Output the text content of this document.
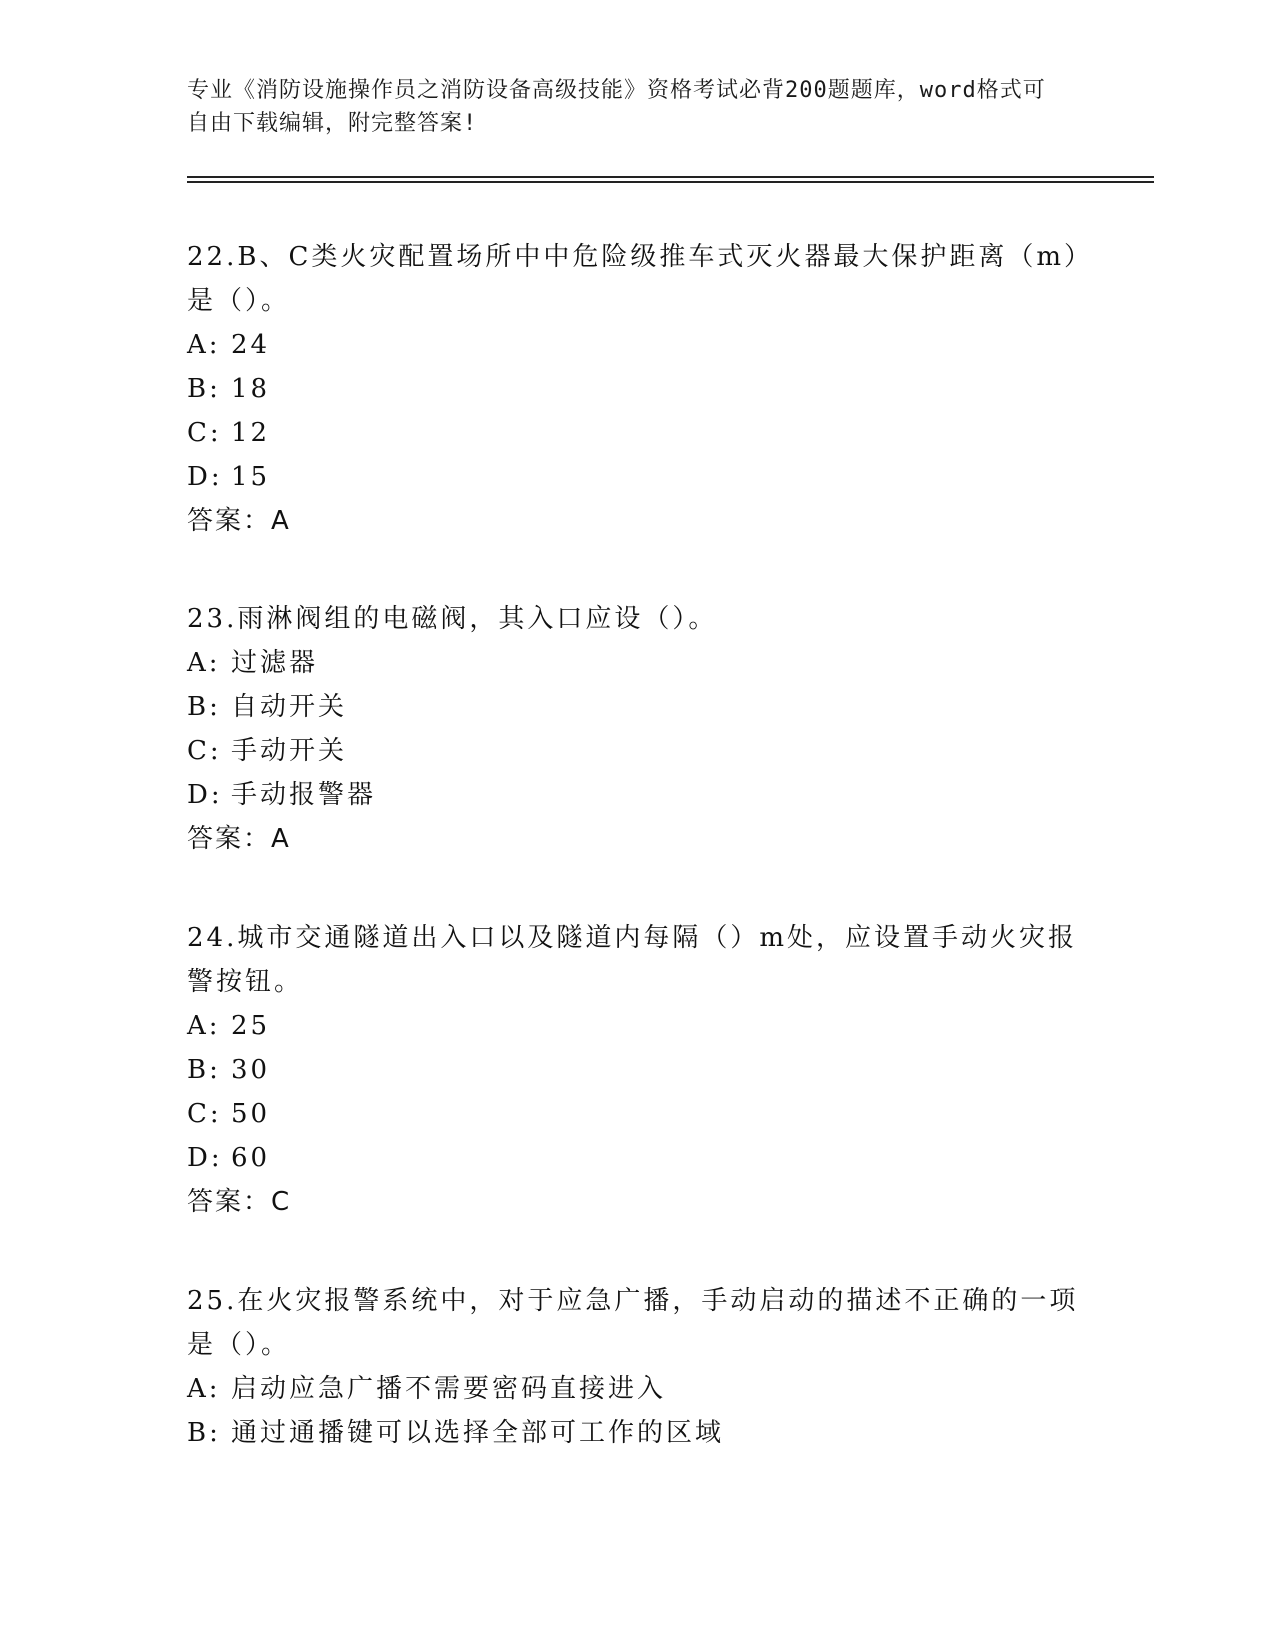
专业《消防设施操作员之消防设备高级技能》资格考试必背200题题库，word格式可自由下载编辑，附完整答案!

22.B、C类火灾配置场所中中危险级推车式灭火器最大保护距离（m）是（）。

A: 24
B: 18
C: 12
D: 15
答案：A

23.雨淋阀组的电磁阀，其入口应设（）。

A: 过滤器
B: 自动开关
C: 手动开关
D: 手动报警器
答案：A

24.城市交通隧道出入口以及隧道内每隔（）m处，应设置手动火灾报警按钮。

A: 25
B: 30
C: 50
D: 60
答案：C

25.在火灾报警系统中，对于应急广播，手动启动的描述不正确的一项是（）。

A: 启动应急广播不需要密码直接进入
B: 通过通播键可以选择全部可工作的区域
